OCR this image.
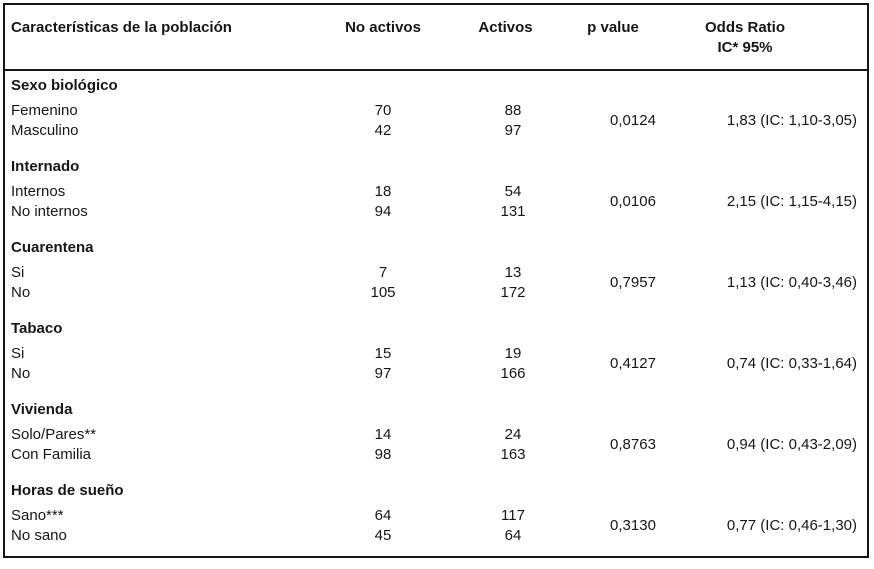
Características de la población	No activos	Activos	p value	Odds Ratio
IC* 95%
Sexo biológico				
Femenino	70	88	0,0124	1,83 (IC: 1,10-3,05)
Masculino	42	97		

Internado				
Internos	18	54	0,0106	2,15 (IC: 1,15-4,15)
No internos	94	131		

Cuarentena				
Si	7	13	0,7957	1,13 (IC: 0,40-3,46)
No	105	172		

Tabaco				
Si	15	19	0,4127	0,74 (IC: 0,33-1,64)
No	97	166		

Vivienda				
Solo/Pares**	14	24	0,8763	0,94 (IC: 0,43-2,09)
Con Familia	98	163		

Horas de sueño				
Sano***	64	117	0,3130	0,77 (IC: 0,46-1,30)
No sano	45	64		
